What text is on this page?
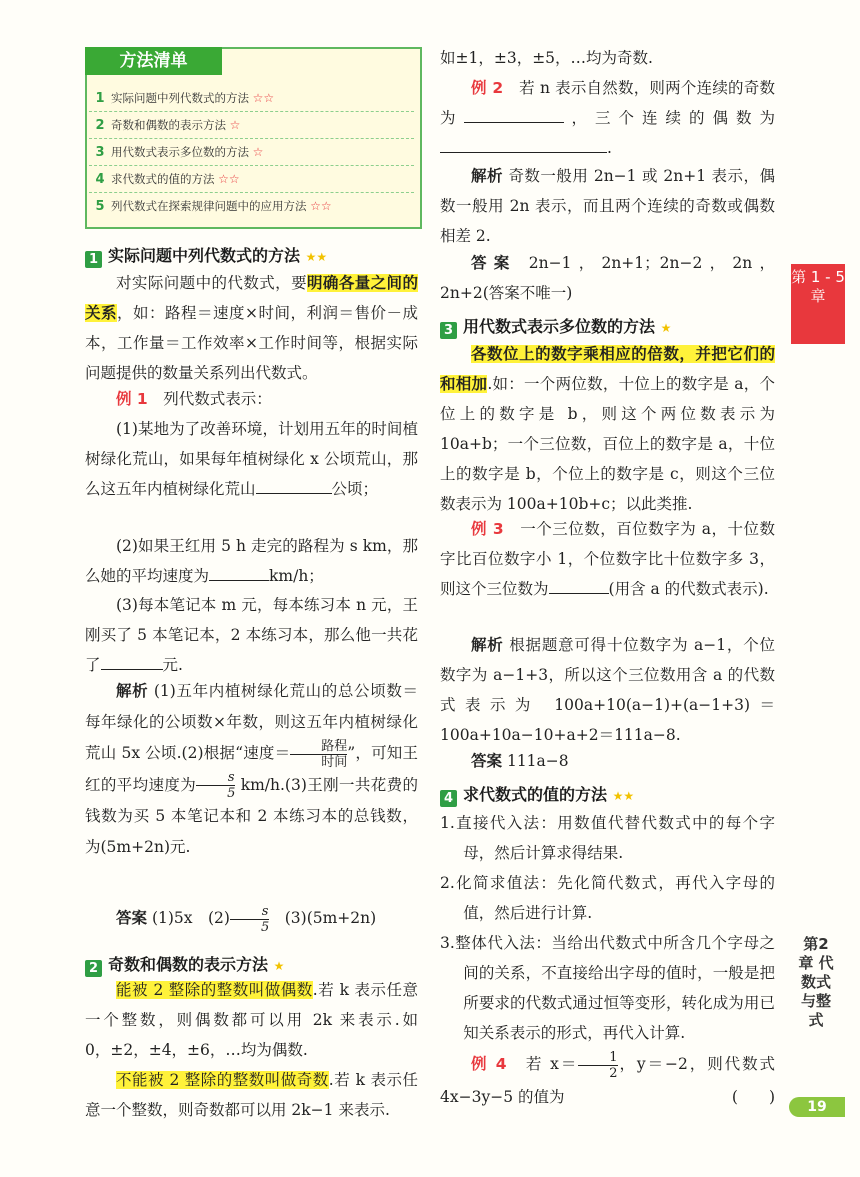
方法清单
1 实际问题中列代数式的方法 ☆☆
2 奇数和偶数的表示方法 ☆
3 用代数式表示多位数的方法 ☆
4 求代数式的值的方法 ☆☆
5 列代数式在探索规律问题中的应用方法 ☆☆
1 实际问题中列代数式的方法 ★★
对实际问题中的代数式，要明确各量之间的关系，如：路程＝速度×时间，利润＝售价－成本，工作量＝工作效率×工作时间等，根据实际问题提供的数量关系列出代数式。
例 1　 列代数式表示：
(1)某地为了改善环境，计划用五年的时间植树绿化荒山，如果每年植树绿化 x 公顷荒山，那么这五年内植树绿化荒山	公顷；
(2)如果王红用 5 h 走完的路程为 s km，那么她的平均速度为	km/h；
(3)每本笔记本 m 元，每本练习本 n 元，王刚买了 5 本笔记本，2 本练习本，那么他一共花了	元.
解析 (1)五年内植树绿化荒山的总公顷数＝每年绿化的公顷数×年数，则这五年内植树绿化荒山 5x 公顷.(2)根据“速度＝ $\frac{\text{路程}}{\text{时间}}$ ”，可知王红的平均速度为 $\frac{s}{5} km/h.(3)$王刚一共花费的钱数为买 5 本笔记本和 2 本练习本的总钱数，为(5m+2n)元.
答案 (1)5x　$(2) \frac{s}{5}$ 　(3)(5m+2n)
2 奇数和偶数的表示方法 ★
能被 2 整除的整数叫做偶数.若 k 表示任意一个整数，则偶数都可以用 2k 来表示.如 0，±2，±4，±6，…均为偶数.
不能被 2 整除的整数叫做奇数.若 k 表示任意一个整数，则奇数都可以用 2k−1 来表示.
如±1，±3，±5，…均为奇数.
例 2　 若 n 表示自然数，则两个连续的奇数为	，三个连续的偶数为.
解析 奇数一般用 2n−1 或 2n+1 表示，偶数一般用 2n 表示，而且两个连续的奇数或偶数相差 2.
答案 2n−1，2n+1；2n−2，2n，2n+2(答案不唯一)
3 用代数式表示多位数的方法 ★
各数位上的数字乘相应的倍数，并把它们的和相加.如：一个两位数，十位上的数字是 a，个位上的数字是 b，则这个两位数表示为 10a+b；一个三位数，百位上的数字是 a，十位上的数字是 b，个位上的数字是 c，则这个三位数表示为 100a+10b+c；以此类推.
例 3　 一个三位数，百位数字为 a，十位数字比百位数字小 1，个位数字比十位数字多 3，则这个三位数为	(用含 a 的代数式表示).
解析 根据题意可得十位数字为 a−1，个位数字为 a−1+3，所以这个三位数用含 a 的代数式表示为 100a+10(a−1)+(a−1+3)＝100a+10a−10+a+2＝111a−8.
答案 111a−8
4 求代数式的值的方法 ★★
1.直接代入法：用数值代替代数式中的每个字母，然后计算求得结果.
2.化简求值法：先化简代数式，再代入字母的值，然后进行计算.
3.整体代入法：当给出代数式中所含几个字母之间的关系，不直接给出字母的值时，一般是把所要求的代数式通过恒等变形，转化成为用已知关系表示的形式，再代入计算.
例 4　 若 $x= \frac{1}{2}$ ，y＝−2，则代数式 4x−3y−5 的值为	(　　)
第 1 - 5 章
第2章 代数式与整式
19
